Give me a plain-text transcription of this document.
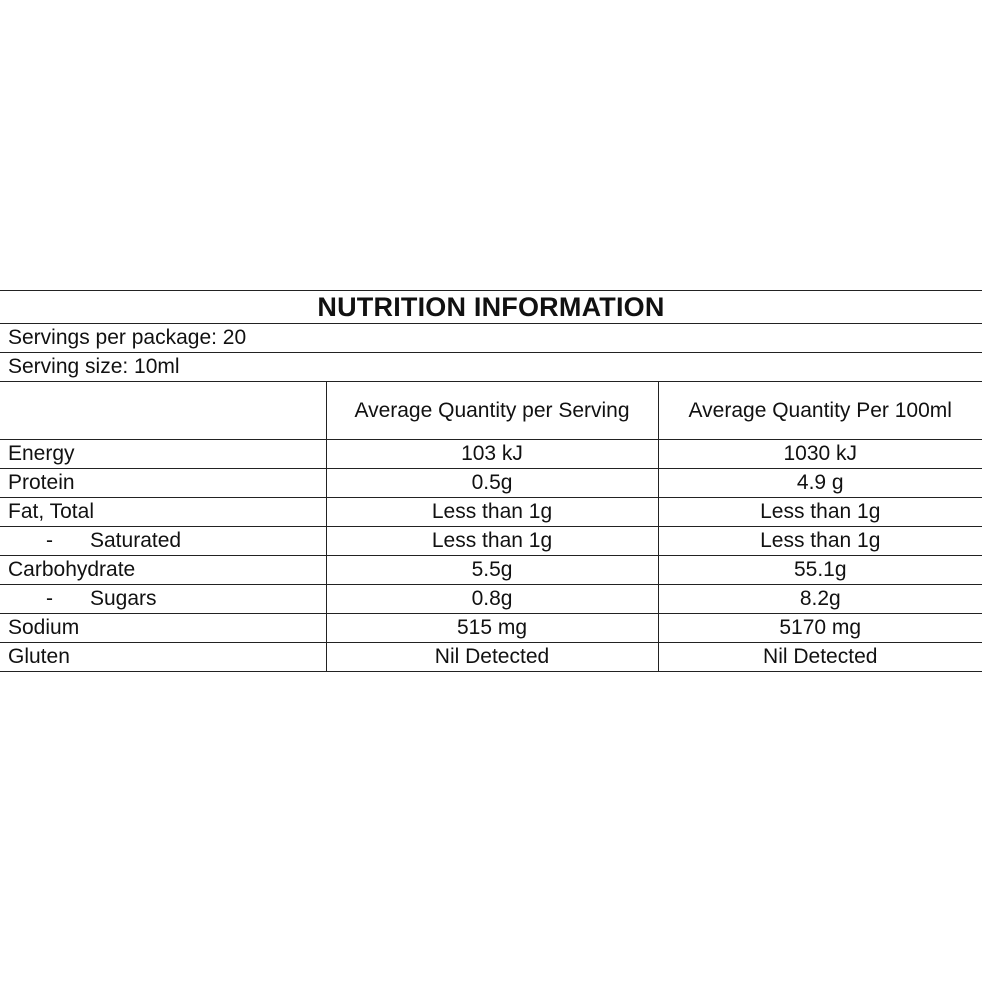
NUTRITION INFORMATION
Servings per package: 20
Serving size: 10ml
	Average Quantity per Serving	Average Quantity Per 100ml
Energy	103 kJ	1030 kJ
Protein	0.5g	4.9 g
Fat, Total	Less than 1g	Less than 1g
- Saturated	Less than 1g	Less than 1g
Carbohydrate	5.5g	55.1g
- Sugars	0.8g	8.2g
Sodium	515 mg	5170 mg
Gluten	Nil Detected	Nil Detected
